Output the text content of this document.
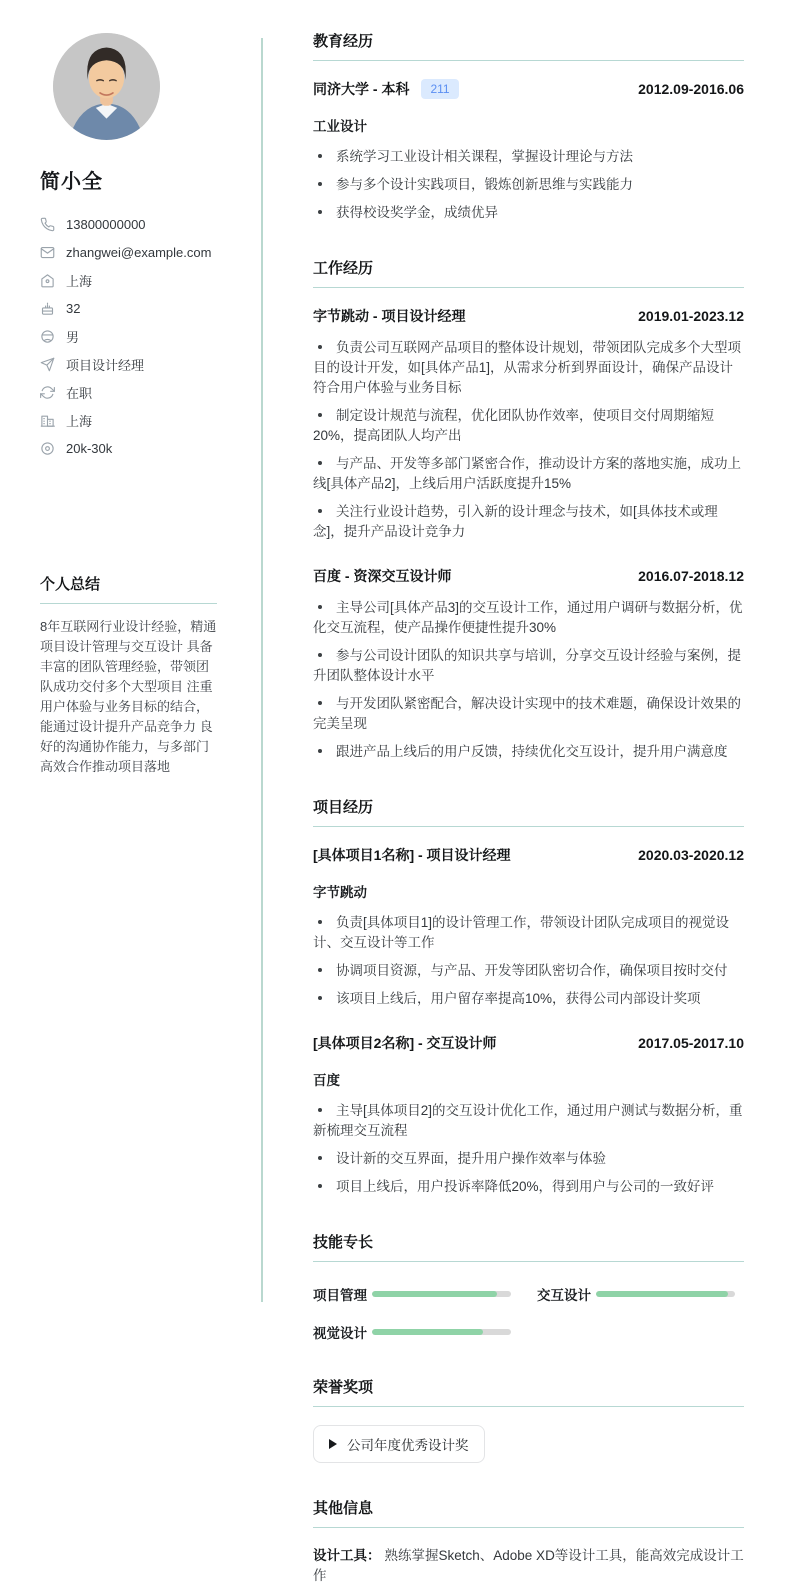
简小全
13800000000
zhangwei@example.com
上海
32
男
项目设计经理
在职
上海
20k-30k
个人总结

8年互联网行业设计经验，精通项目设计管理与交互设计 具备丰富的团队管理经验，带领团队成功交付多个大型项目 注重用户体验与业务目标的结合，能通过设计提升产品竞争力 良好的沟通协作能力，与多部门高效合作推动项目落地

教育经历
同济大学 - 本科	211	2012.09-2016.06
工业设计
系统学习工业设计相关课程，掌握设计理论与方法
参与多个设计实践项目，锻炼创新思维与实践能力
获得校设奖学金，成绩优异
工作经历
字节跳动 - 项目设计经理	2019.01-2023.12
负责公司互联网产品项目的整体设计规划，带领团队完成多个大型项目的设计开发，如[具体产品1]，从需求分析到界面设计，确保产品设计符合用户体验与业务目标
制定设计规范与流程，优化团队协作效率，使项目交付周期缩短20%，提高团队人均产出
与产品、开发等多部门紧密合作，推动设计方案的落地实施，成功上线[具体产品2]，上线后用户活跃度提升15%
关注行业设计趋势，引入新的设计理念与技术，如[具体技术或理念]，提升产品设计竞争力
百度 - 资深交互设计师	2016.07-2018.12
主导公司[具体产品3]的交互设计工作，通过用户调研与数据分析，优化交互流程，使产品操作便捷性提升30%
参与公司设计团队的知识共享与培训，分享交互设计经验与案例，提升团队整体设计水平
与开发团队紧密配合，解决设计实现中的技术难题，确保设计效果的完美呈现
跟进产品上线后的用户反馈，持续优化交互设计，提升用户满意度
项目经历
[具体项目1名称] - 项目设计经理	2020.03-2020.12
字节跳动
负责[具体项目1]的设计管理工作，带领设计团队完成项目的视觉设计、交互设计等工作
协调项目资源，与产品、开发等团队密切合作，确保项目按时交付
该项目上线后，用户留存率提高10%，获得公司内部设计奖项
[具体项目2名称] - 交互设计师	2017.05-2017.10
百度
主导[具体项目2]的交互设计优化工作，通过用户测试与数据分析，重新梳理交互流程
设计新的交互界面，提升用户操作效率与体验
项目上线后，用户投诉率降低20%，得到用户与公司的一致好评
技能专长
项目管理	交互设计
视觉设计
荣誉奖项
公司年度优秀设计奖
其他信息

设计工具： 熟练掌握Sketch、Adobe XD等设计工具，能高效完成设计工作
